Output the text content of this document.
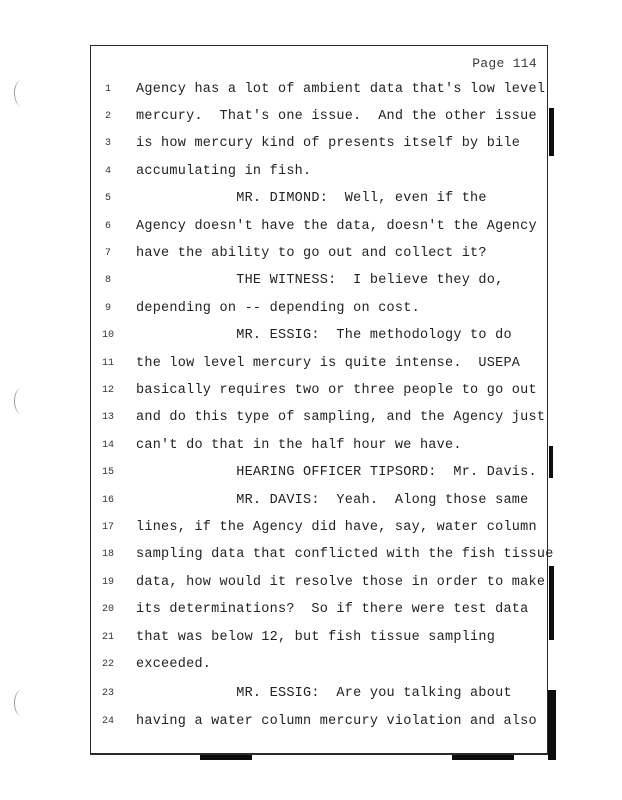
Page 114
1
2
3
4
5
6
7
8
9
10
11
12
13
14
15
16
17
18
19
20
21
22
23
24
Agency has a lot of ambient data that's low level
mercury.  That's one issue.  And the other issue
is how mercury kind of presents itself by bile
accumulating in fish.
MR. DIMOND:  Well, even if the
Agency doesn't have the data, doesn't the Agency
have the ability to go out and collect it?
THE WITNESS:  I believe they do,
depending on -- depending on cost.
MR. ESSIG:  The methodology to do
the low level mercury is quite intense.  USEPA
basically requires two or three people to go out
and do this type of sampling, and the Agency just
can't do that in the half hour we have.
HEARING OFFICER TIPSORD:  Mr. Davis.
MR. DAVIS:  Yeah.  Along those same
lines, if the Agency did have, say, water column
sampling data that conflicted with the fish tissue
data, how would it resolve those in order to make
its determinations?  So if there were test data
that was below 12, but fish tissue sampling
exceeded.
MR. ESSIG:  Are you talking about
having a water column mercury violation and also
